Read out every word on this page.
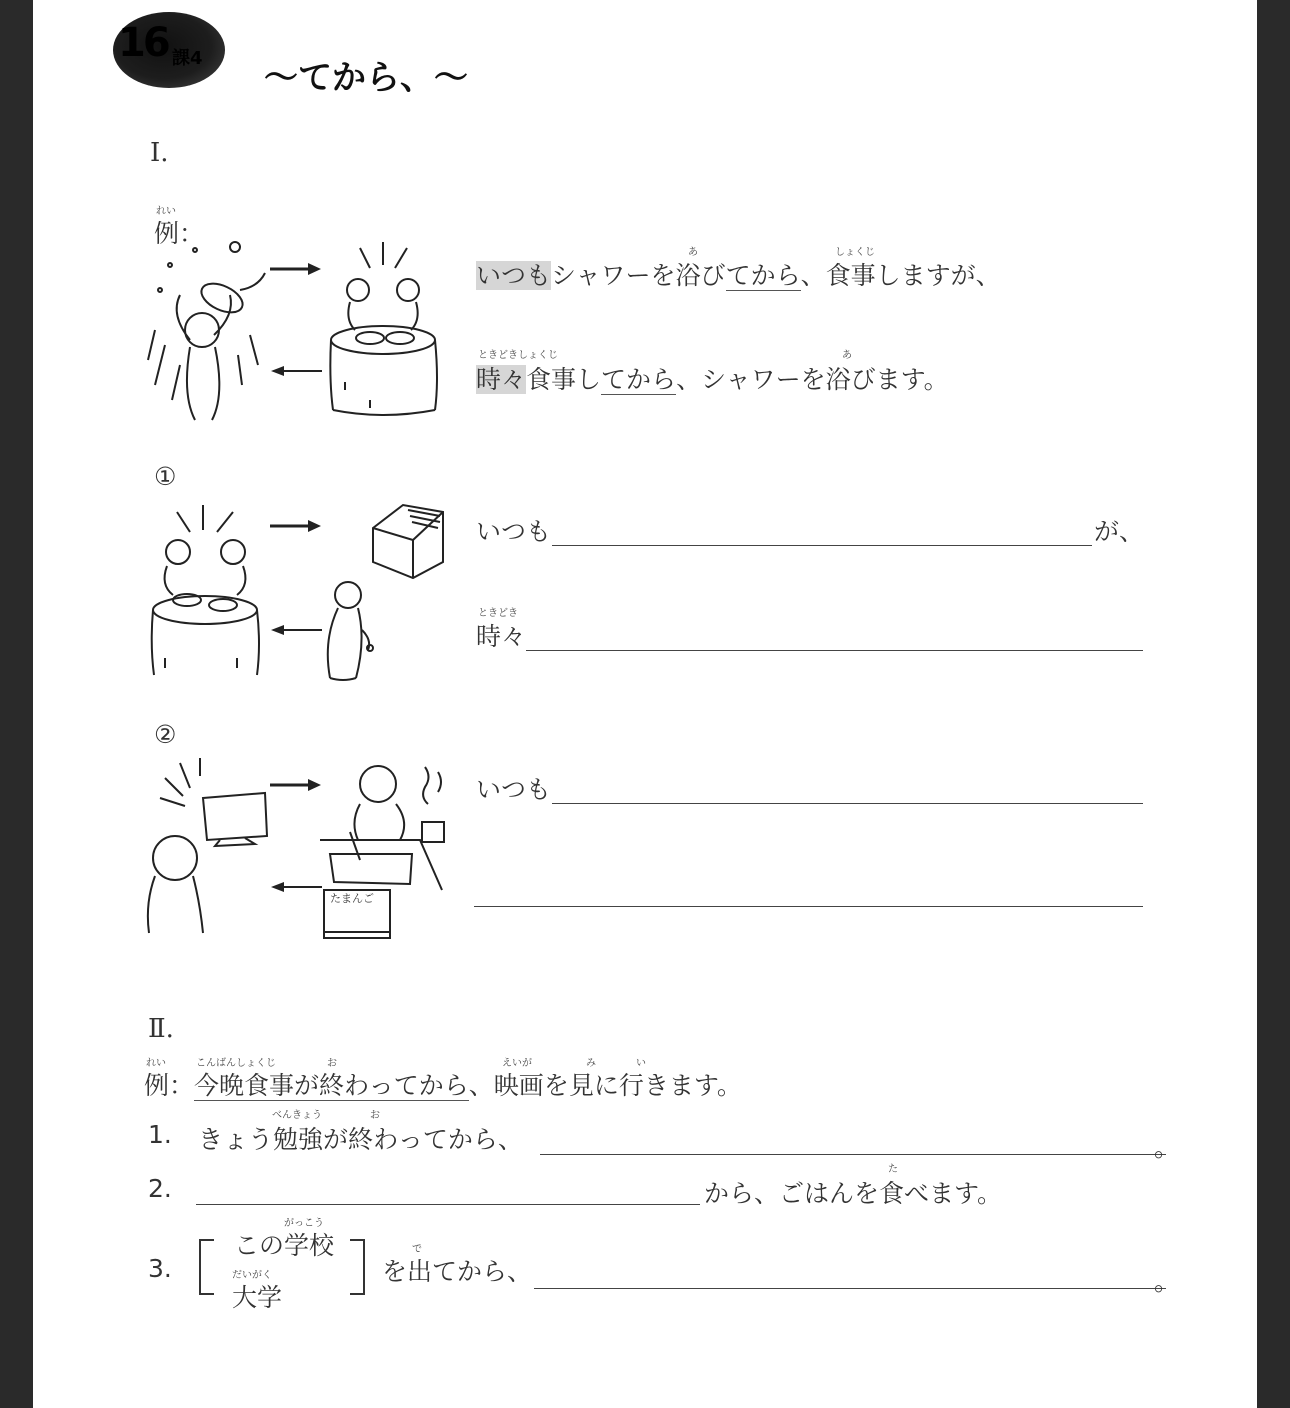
16 課4 〜てから、〜
Ⅰ.
れい
例：
いつもシャワーを浴びてから、食事しますが、
あ	しょくじ
ときどきしょくじ
時々食事してから、シャワーを浴びます。
あ
①
いつも	が、
ときどき
時々
②
たまんご
いつも
Ⅱ.
れい	こんばんしょくじ	お	えいが	み	い
例：今晩食事が終わってから、映画を見に行きます。
1.
べんきょう	お
きょう勉強が終わってから、	。
2.
た
から、ごはんを食べます。
3.
がっこう
この学校
だいがく
大学
で
を出てから、	。
